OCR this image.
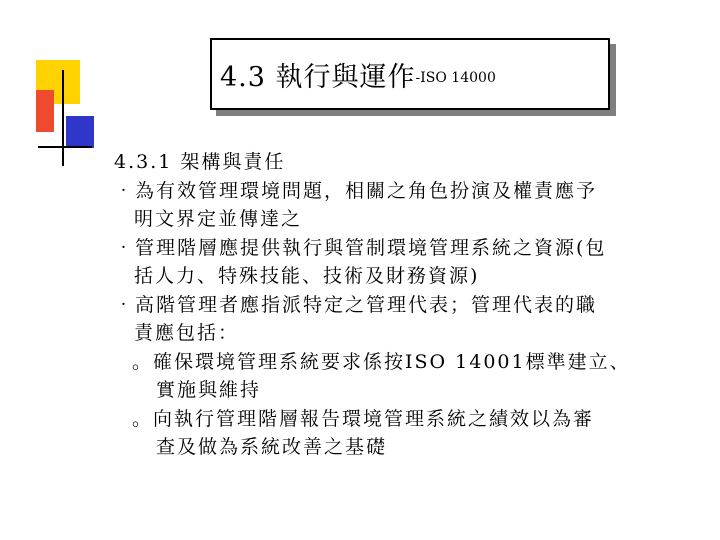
4.3 執行與運作 -ISO 14000
4.3.1 架構與責任
‧為有效管理環境問題，相關之角色扮演及權責應予
明文界定並傳達之
‧管理階層應提供執行與管制環境管理系統之資源(包
括人力、特殊技能、技術及財務資源)
‧高階管理者應指派特定之管理代表；管理代表的職
責應包括：
。確保環境管理系統要求係按ISO 14001標準建立、
實施與維持
。向執行管理階層報告環境管理系統之績效以為審
查及做為系統改善之基礎
